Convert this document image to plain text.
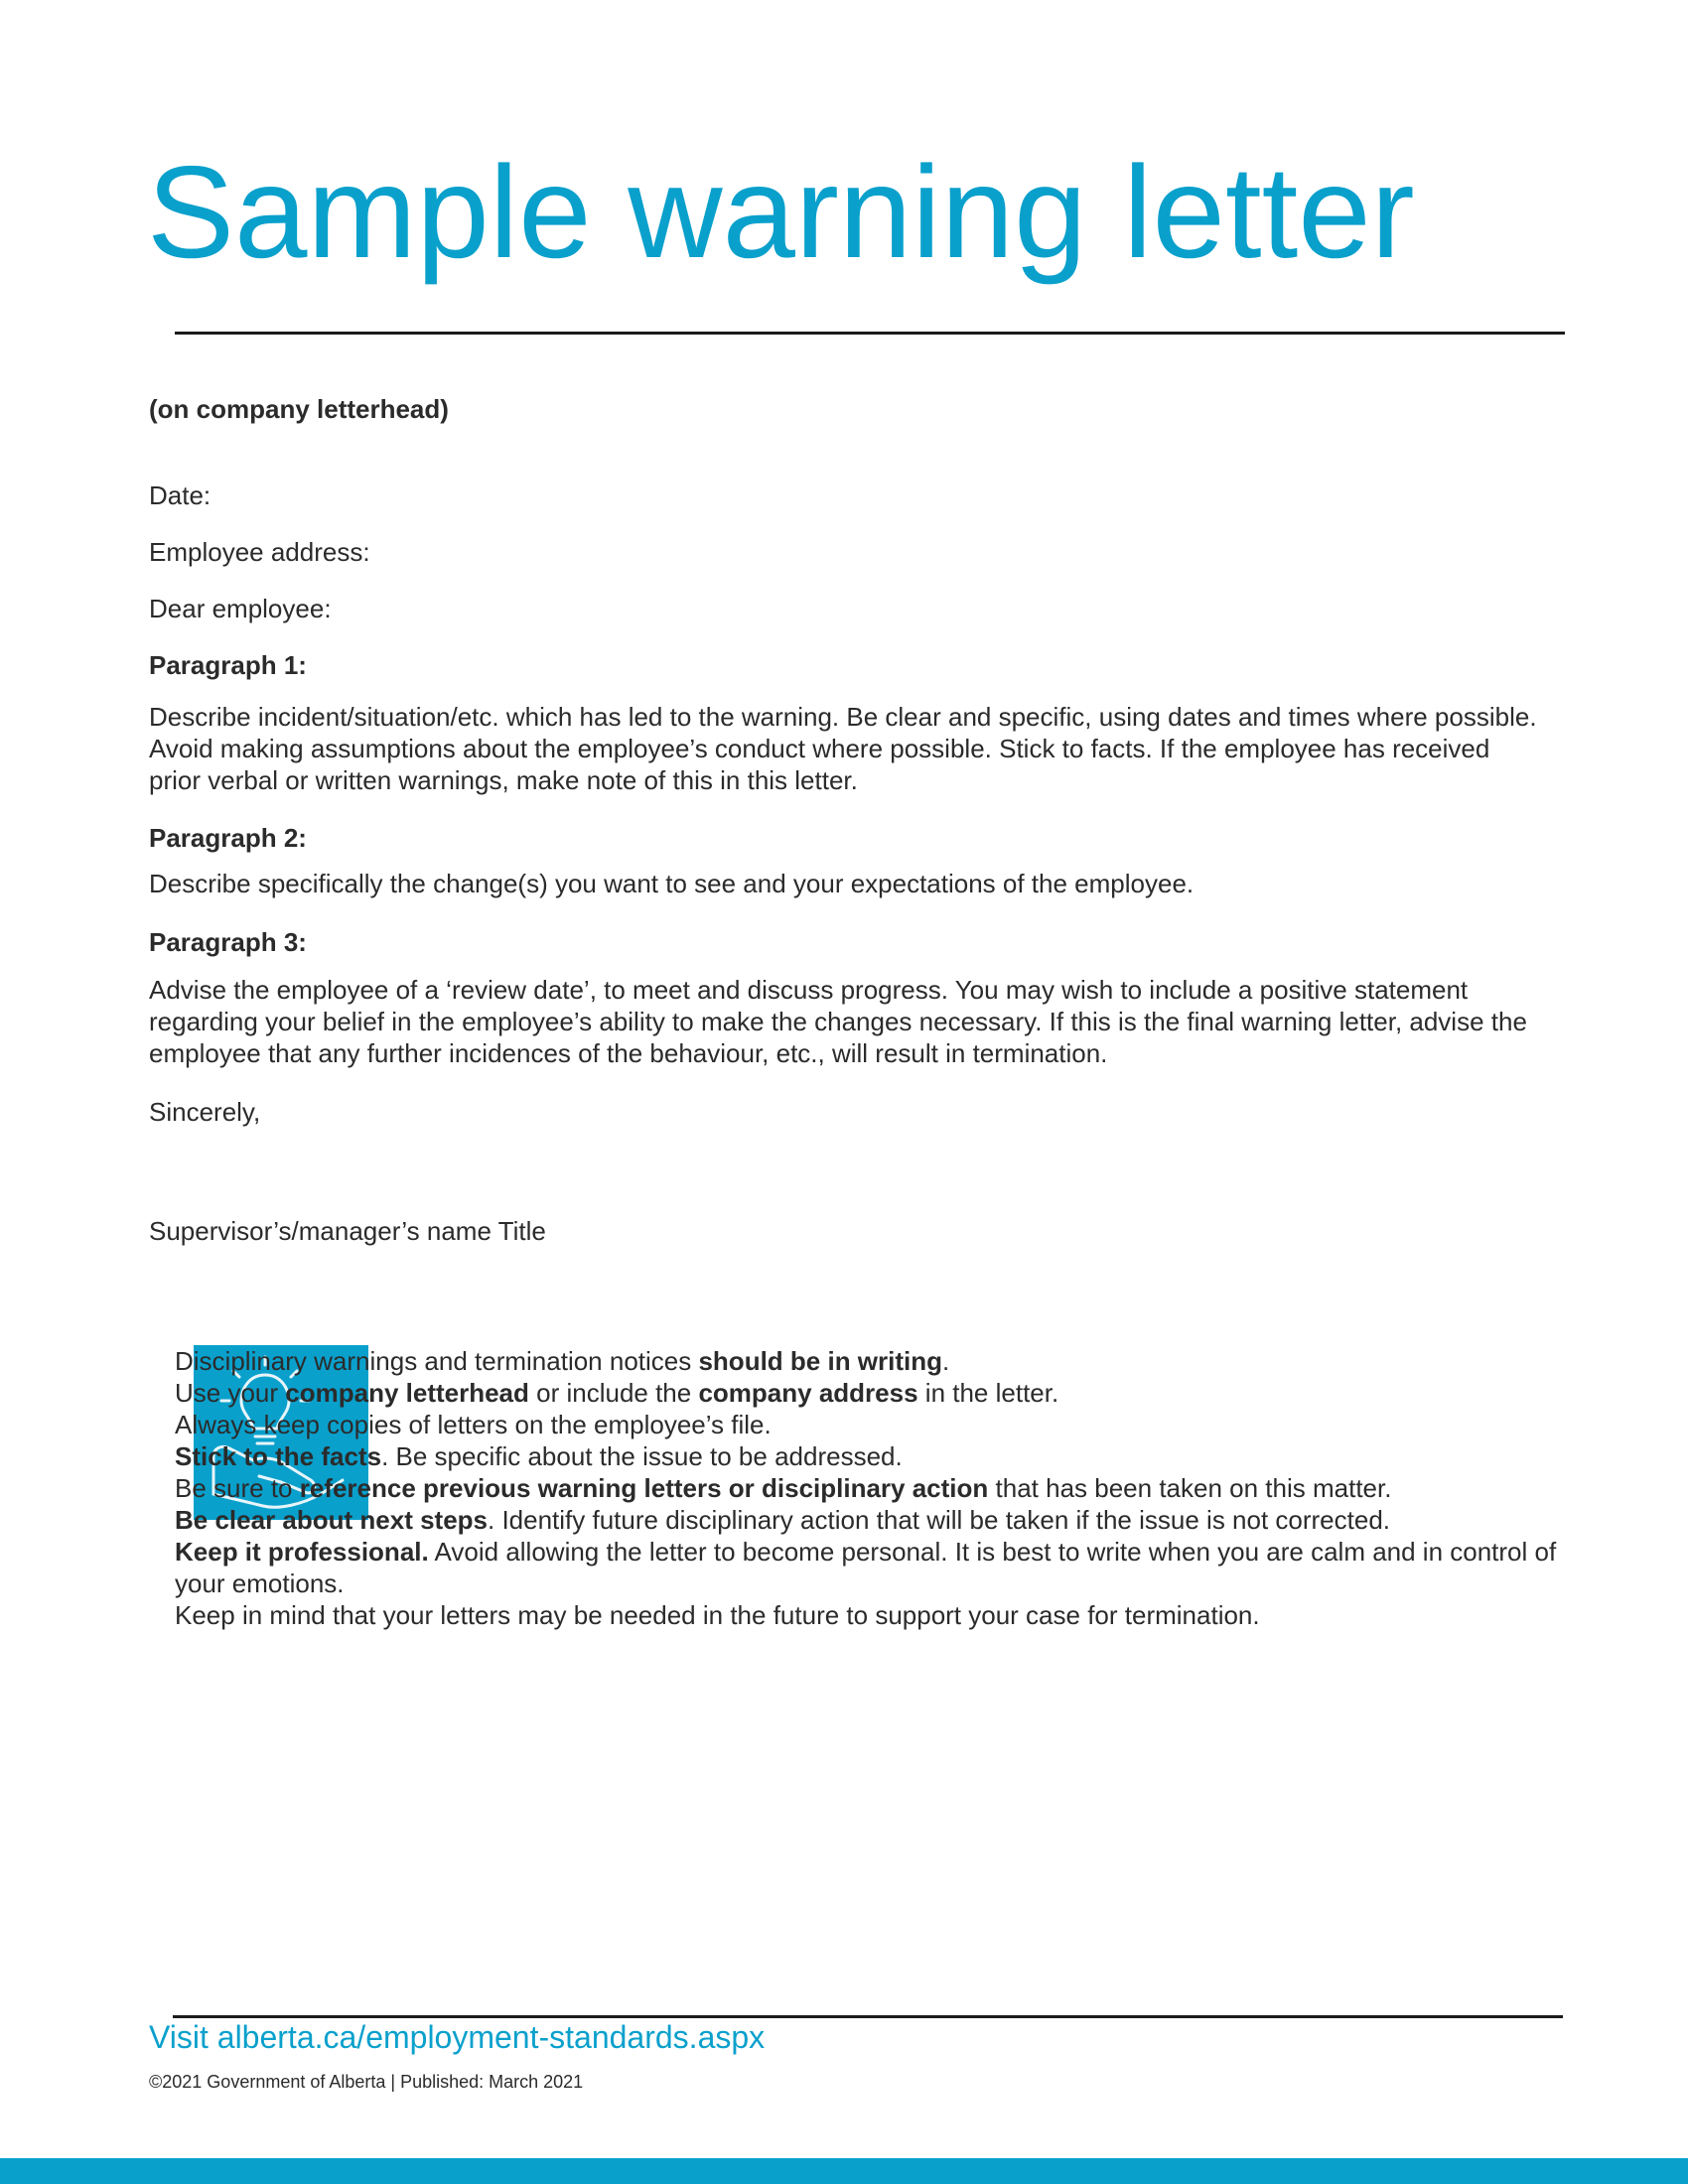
Sample warning letter

(on company letterhead)

Date:

Employee address:

Dear employee:

Paragraph 1:

Describe incident/situation/etc. which has led to the warning. Be clear and specific, using dates and times where possible. Avoid making assumptions about the employee’s conduct where possible. Stick to facts. If the employee has received prior verbal or written warnings, make note of this in this letter.

Paragraph 2:

Describe specifically the change(s) you want to see and your expectations of the employee.

Paragraph 3:

Advise the employee of a ‘review date’, to meet and discuss progress. You may wish to include a positive statement regarding your belief in the employee’s ability to make the changes necessary. If this is the final warning letter, advise the employee that any further incidences of the behaviour, etc., will result in termination.

Sincerely,

Supervisor’s/manager’s name Title

Disciplinary warnings and termination notices should be in writing.
Use your company letterhead or include the company address in the letter.
Always keep copies of letters on the employee’s file.
Stick to the facts. Be specific about the issue to be addressed.
Be sure to reference previous warning letters or disciplinary action that has been taken on this matter.
Be clear about next steps. Identify future disciplinary action that will be taken if the issue is not corrected.
Keep it professional. Avoid allowing the letter to become personal. It is best to write when you are calm and in control of your emotions.
Keep in mind that your letters may be needed in the future to support your case for termination.
Visit alberta.ca/employment-standards.aspx
©2021 Government of Alberta | Published: March 2021
